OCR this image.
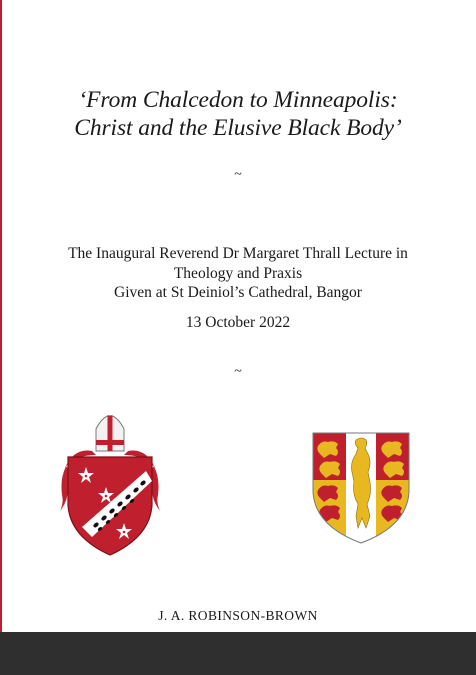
‘From Chalcedon to Minneapolis:
Christ and the Elusive Black Body’
~
The Inaugural Reverend Dr Margaret Thrall Lecture in
Theology and Praxis
Given at St Deiniol’s Cathedral, Bangor
13 October 2022
~
J. A. ROBINSON-BROWN
